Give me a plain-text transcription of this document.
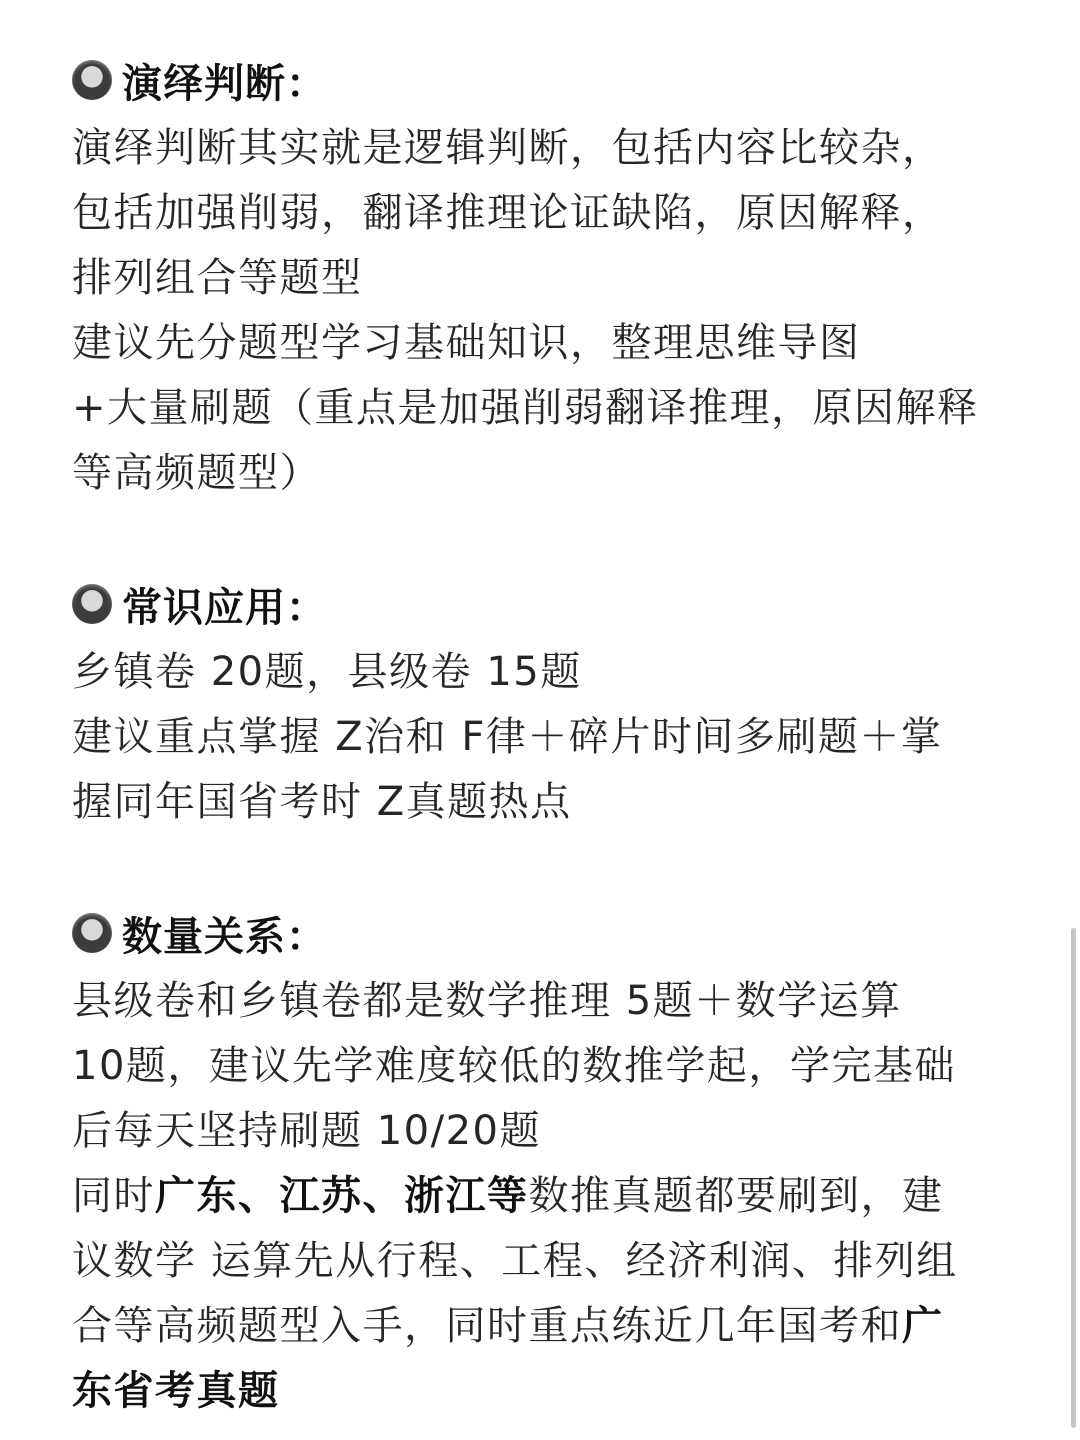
演绎判断：

演绎判断其实就是逻辑判断，包括内容比较杂，

包括加强削弱，翻译推理论证缺陷，原因解释，

排列组合等题型

建议先分题型学习基础知识，整理思维导图

+大量刷题（重点是加强削弱翻译推理，原因解释

等高频题型）

常识应用：

乡镇卷 20题，县级卷 15题

建议重点掌握 Z治和 F律＋碎片时间多刷题＋掌

握同年国省考时 Z真题热点

数量关系：

县级卷和乡镇卷都是数学推理 5题＋数学运算

10题，建议先学难度较低的数推学起，学完基础

后每天坚持刷题 10/20题

同时广东、江苏、浙江等数推真题都要刷到，建

议数学 运算先从行程、工程、经济利润、排列组

合等高频题型入手，同时重点练近几年国考和广

东省考真题
